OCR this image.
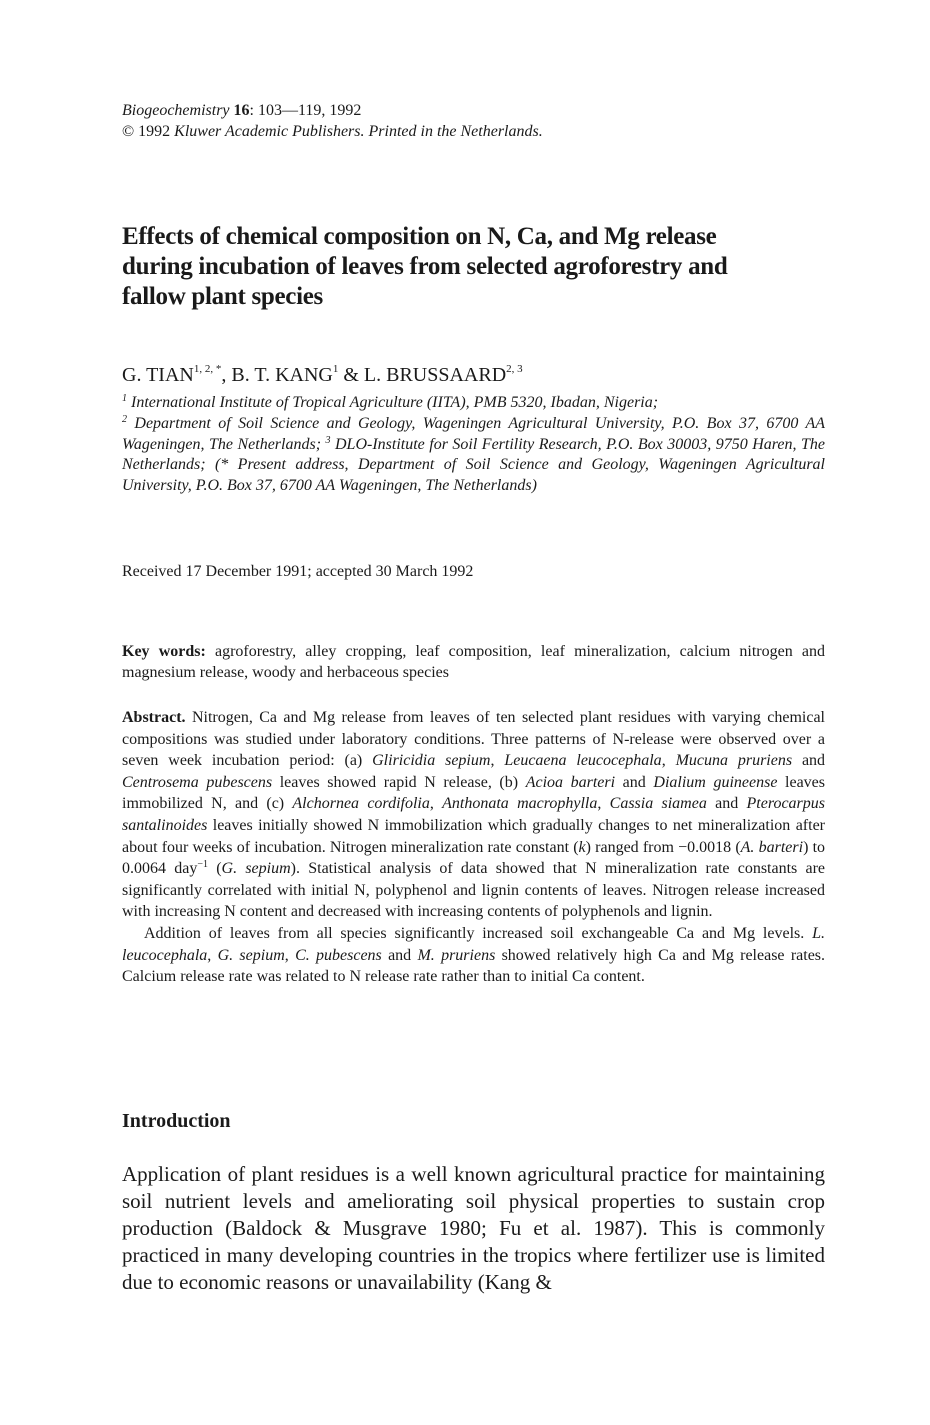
Biogeochemistry 16: 103—119, 1992
© 1992 Kluwer Academic Publishers. Printed in the Netherlands.
Effects of chemical composition on N, Ca, and Mg release
during incubation of leaves from selected agroforestry and
fallow plant species
G. $TIAN^{1, 2, *}$, B. T. KANG$^1$ & L. BRUSSAARD$^{2, 3}$
$^1$ International Institute of Tropical Agriculture (IITA), PMB 5320, Ibadan, Nigeria;
$^2$ Department of Soil Science and Geology, Wageningen Agricultural University, P.O. Box 37, 6700 AA Wageningen, The Netherlands; $^3$ DLO-Institute for Soil Fertility Research, P.O. Box 30003, 9750 Haren, The Netherlands; (* Present address, Department of Soil Science and Geology, Wageningen Agricultural University, P.O. Box 37, 6700 AA Wageningen, The Netherlands)
Received 17 December 1991; accepted 30 March 1992
Key words: agroforestry, alley cropping, leaf composition, leaf mineralization, calcium nitrogen and magnesium release, woody and herbaceous species

Abstract. Nitrogen, Ca and Mg release from leaves of ten selected plant residues with varying chemical compositions was studied under laboratory conditions. Three patterns of N-release were observed over a seven week incubation period: (a) Gliricidia sepium, Leucaena leucocephala, Mucuna pruriens and Centrosema pubescens leaves showed rapid N release, (b) Acioa barteri and Dialium guineense leaves immobilized N, and (c) Alchornea cordifolia, Anthonata macrophylla, Cassia siamea and Pterocarpus santalinoides leaves initially showed N immobilization which gradually changes to net mineralization after about four weeks of incubation. Nitrogen mineralization rate constant (k) ranged from −0.0018 (A. barteri) to 0.0064 day$^{-1}$ (G. sepium). Statistical analysis of data showed that N mineralization rate constants are significantly correlated with initial N, polyphenol and lignin contents of leaves. Nitrogen release increased with increasing N content and decreased with increasing contents of polyphenols and lignin.

Addition of leaves from all species significantly increased soil exchangeable Ca and Mg levels. L. leucocephala, G. sepium, C. pubescens and M. pruriens showed relatively high Ca and Mg release rates. Calcium release rate was related to N release rate rather than to initial Ca content.

Introduction
Application of plant residues is a well known agricultural practice for maintaining soil nutrient levels and ameliorating soil physical properties to sustain crop production (Baldock & Musgrave 1980; Fu et al. 1987). This is commonly practiced in many developing countries in the tropics where fertilizer use is limited due to economic reasons or unavailability (Kang &
